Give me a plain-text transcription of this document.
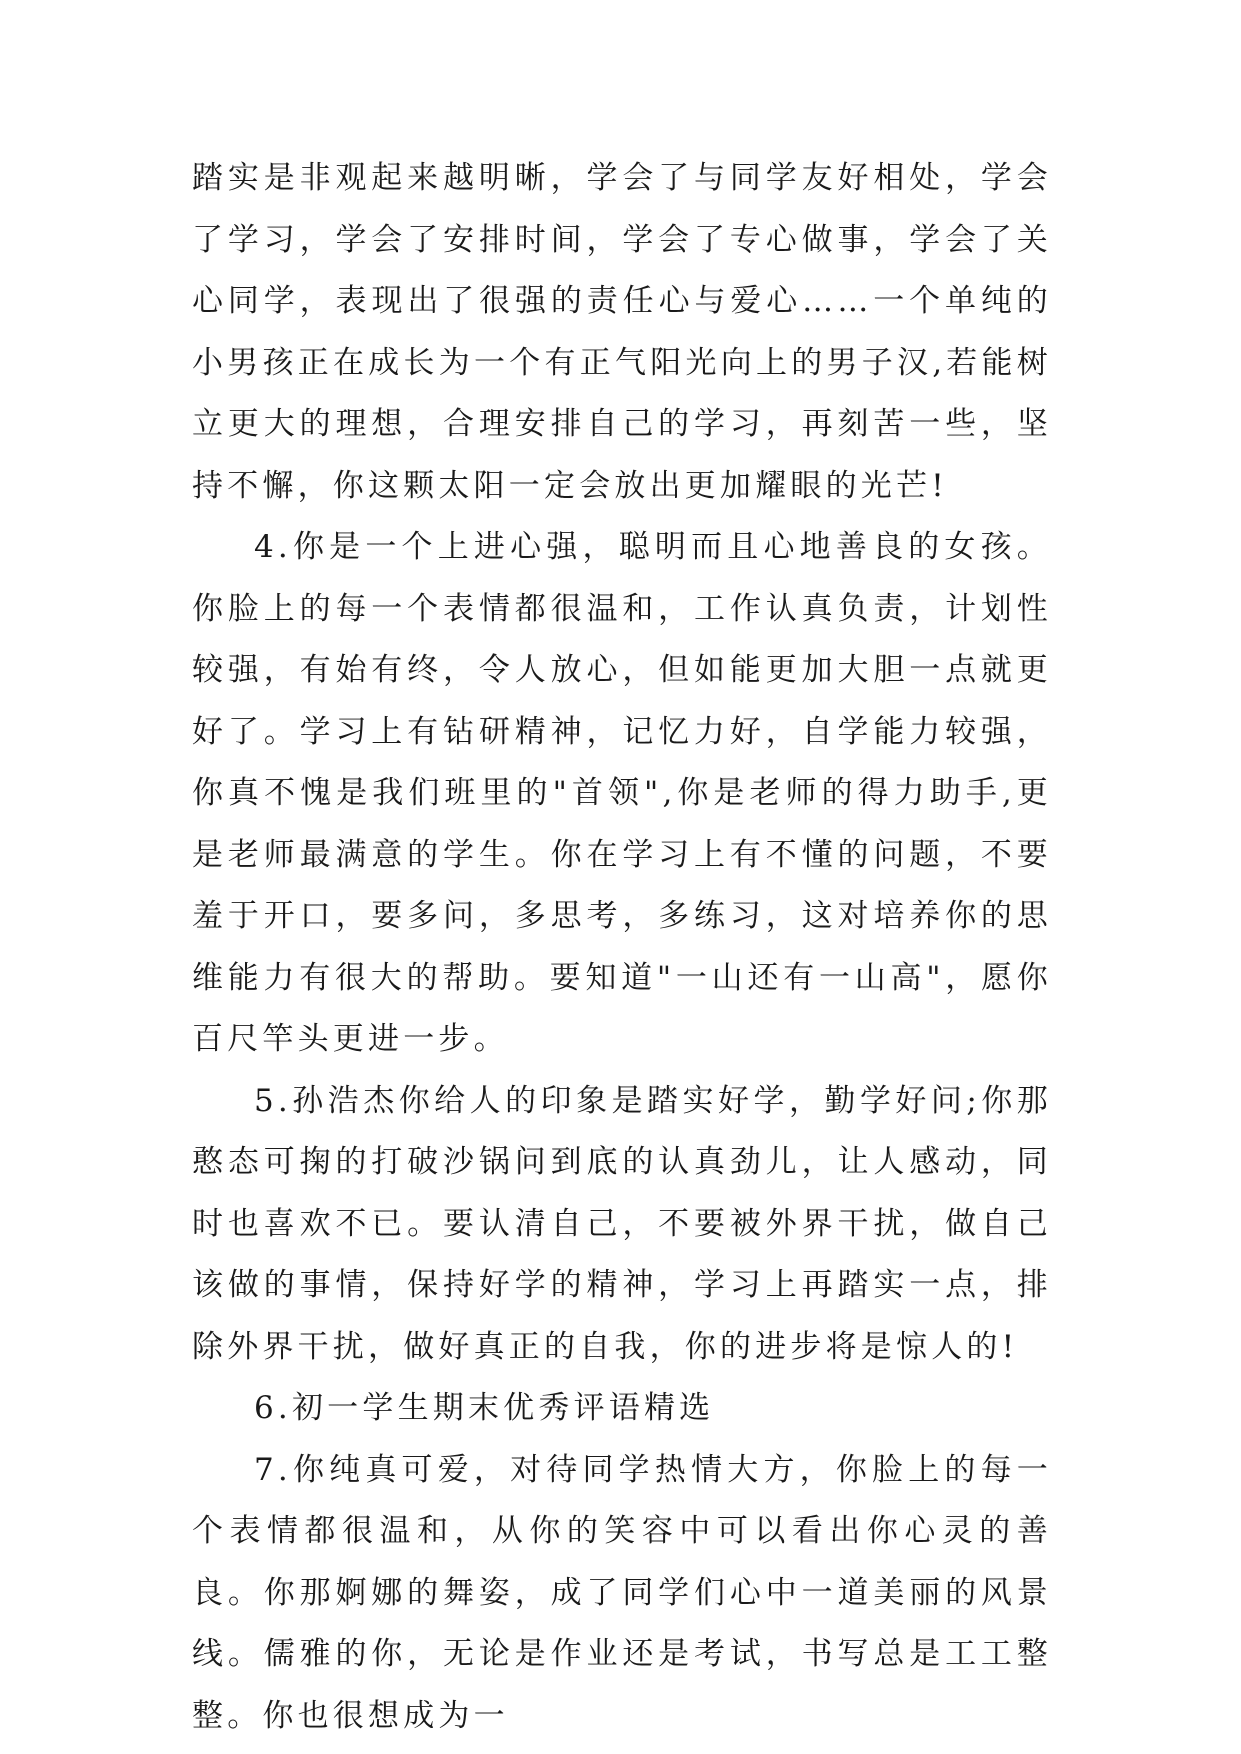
踏实是非观起来越明晰，学会了与同学友好相处，学会了学习，学会了安排时间，学会了专心做事，学会了关心同学，表现出了很强的责任心与爱心……一个单纯的小男孩正在成长为一个有正气阳光向上的男子汉,若能树立更大的理想，合理安排自己的学习，再刻苦一些，坚持不懈，你这颗太阳一定会放出更加耀眼的光芒!

4.你是一个上进心强，聪明而且心地善良的女孩。你脸上的每一个表情都很温和，工作认真负责，计划性较强，有始有终，令人放心，但如能更加大胆一点就更好了。学习上有钻研精神，记忆力好，自学能力较强，你真不愧是我们班里的"首领",你是老师的得力助手,更是老师最满意的学生。你在学习上有不懂的问题，不要羞于开口，要多问，多思考，多练习，这对培养你的思维能力有很大的帮助。要知道"一山还有一山高"，愿你百尺竿头更进一步。

5.孙浩杰你给人的印象是踏实好学，勤学好问;你那憨态可掬的打破沙锅问到底的认真劲儿，让人感动，同时也喜欢不已。要认清自己，不要被外界干扰，做自己该做的事情，保持好学的精神，学习上再踏实一点，排除外界干扰，做好真正的自我，你的进步将是惊人的!

6.初一学生期末优秀评语精选

7.你纯真可爱，对待同学热情大方，你脸上的每一个表情都很温和，从你的笑容中可以看出你心灵的善良。你那婀娜的舞姿，成了同学们心中一道美丽的风景线。儒雅的你，无论是作业还是考试，书写总是工工整整。你也很想成为一
